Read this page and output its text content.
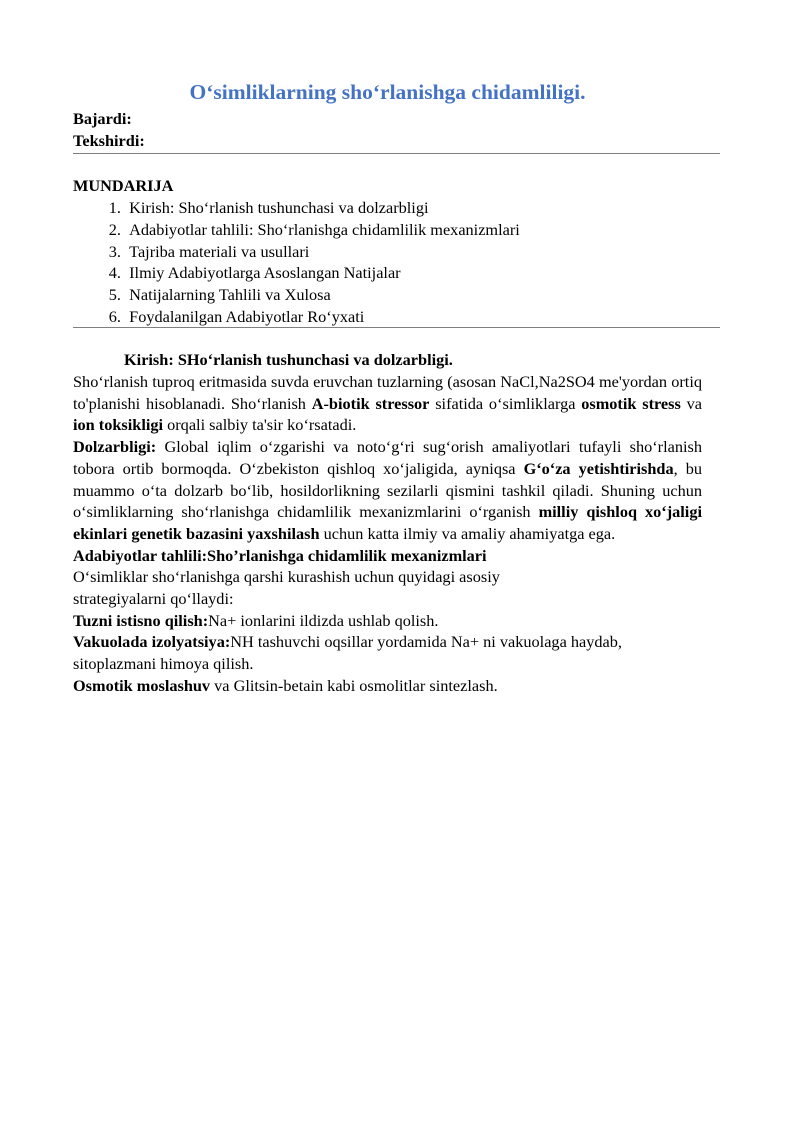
O‘simliklarning sho‘rlanishga chidamliligi.
Bajardi:
Tekshirdi:
MUNDARIJA
1.
Kirish: Sho‘rlanish tushunchasi va dolzarbligi
2.
Adabiyotlar tahlili: Sho‘rlanishga chidamlilik mexanizmlari
3.
Tajriba materiali va usullari
4.
Ilmiy Adabiyotlarga Asoslangan Natijalar
5.
Natijalarning Tahlili va Xulosa
6.
Foydalanilgan Adabiyotlar Ro‘yxati
Kirish: SHo‘rlanish tushunchasi va dolzarbligi.

Sho‘rlanish tuproq eritmasida suvda eruvchan tuzlarning (asosan NaCl,Na2SO4 me'yordan ortiq to'planishi hisoblanadi. Sho‘rlanish A-biotik stressor sifatida o‘simliklarga osmotik stress va ion toksikligi orqali salbiy ta'sir ko‘rsatadi.

Dolzarbligi: Global iqlim o‘zgarishi va noto‘g‘ri sug‘orish amaliyotlari tufayli sho‘rlanish tobora ortib bormoqda. O‘zbekiston qishloq xo‘jaligida, ayniqsa G‘o‘za yetishtirishda, bu muammo o‘ta dolzarb bo‘lib, hosildorlikning sezilarli qismini tashkil qiladi. Shuning uchun o‘simliklarning sho‘rlanishga chidamlilik mexanizmlarini o‘rganish milliy qishloq xo‘jaligi ekinlari genetik bazasini yaxshilash uchun katta ilmiy va amaliy ahamiyatga ega.

Adabiyotlar tahlili:Sho’rlanishga chidamlilik mexanizmlari

O‘simliklar sho‘rlanishga qarshi kurashish uchun quyidagi asosiy

strategiyalarni qo‘llaydi:

Tuzni istisno qilish:Na+ ionlarini ildizda ushlab qolish.

Vakuolada izolyatsiya:NH tashuvchi oqsillar yordamida Na+ ni vakuolaga haydab, sitoplazmani himoya qilish.

Osmotik moslashuv va Glitsin-betain kabi osmolitlar sintezlash.
